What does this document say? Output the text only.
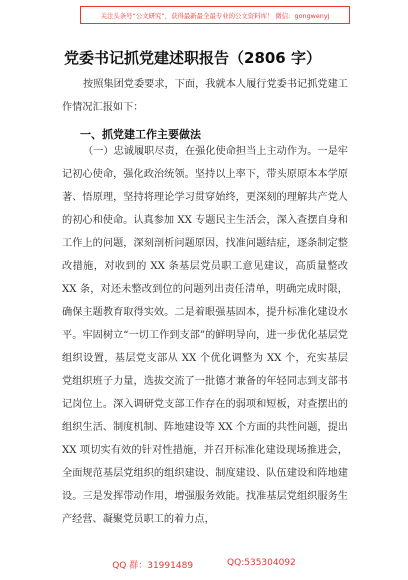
关注头条号“公文研究”，获得最新最全最专业的公文资料库！ 微信：gongwenyj
党委书记抓党建述职报告（2806 字）
按照集团党委要求，下面，我就本人履行党委书记抓党建工作情况汇报如下：
一、抓党建工作主要做法
（一）忠诚履职尽责，在强化使命担当上主动作为。一是牢记初心使命，强化政治统领。坚持以上率下，带头原原本本学原著、悟原理，坚持将理论学习贯穿始终，更深刻的理解共产党人的初心和使命。认真参加 XX 专题民主生活会，深入查摆自身和工作上的问题，深刻剖析问题原因，找准问题结症，逐条制定整改措施，对收到的 XX 条基层党员职工意见建议，高质量整改 XX 条，对还未整改到位的问题列出责任清单，明确完成时限，确保主题教育取得实效。二是着眼强基固本，提升标准化建设水平。牢固树立“一切工作到支部”的鲜明导向，进一步优化基层党组织设置，基层党支部从 XX 个优化调整为 XX 个，充实基层党组织班子力量，选拔交流了一批德才兼备的年轻同志到支部书记岗位上。深入调研党支部工作存在的弱项和短板，对查摆出的组织生活、制度机制、阵地建设等 XX 个方面的共性问题，提出 XX 项切实有效的针对性措施，并召开标准化建设现场推进会，全面规范基层党组织的组织建设、制度建设、队伍建设和阵地建设。三是发挥带动作用，增强服务效能。找准基层党组织服务生产经营、凝聚党员职工的着力点，
QQ 群：31991489	QQ:535304092
